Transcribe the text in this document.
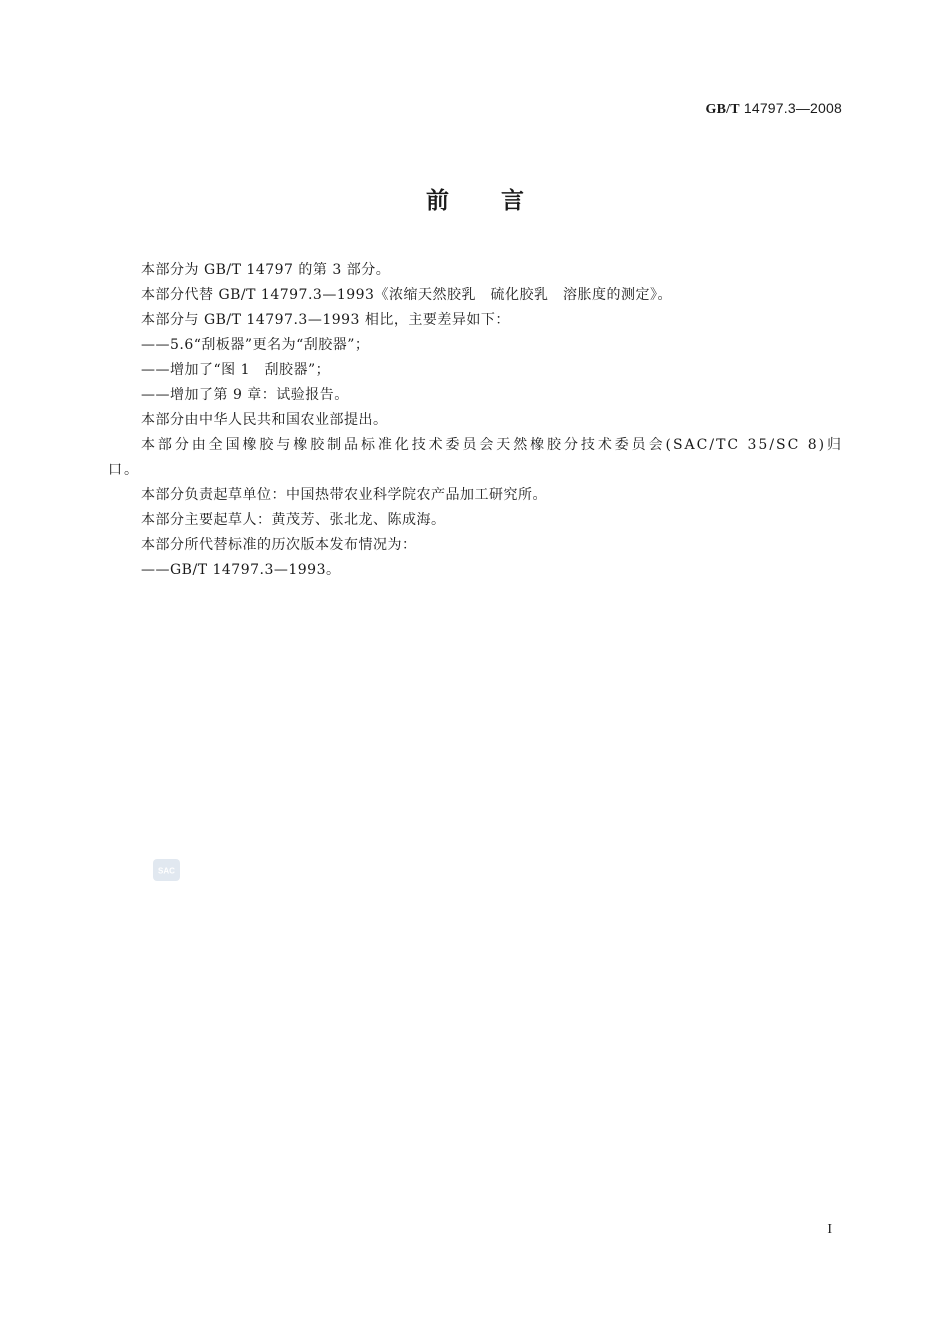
GB/T 14797.3—2008
前言

本部分为 GB/T 14797 的第 3 部分。

本部分代替 GB/T 14797.3—1993《浓缩天然胶乳　硫化胶乳　溶胀度的测定》。

本部分与 GB/T 14797.3—1993 相比，主要差异如下：

——5.6“刮板器”更名为“刮胶器”；

——增加了“图 1　刮胶器”；

——增加了第 9 章：试验报告。

本部分由中华人民共和国农业部提出。

本部分由全国橡胶与橡胶制品标准化技术委员会天然橡胶分技术委员会(SAC/TC 35/SC 8)归口。

本部分负责起草单位：中国热带农业科学院农产品加工研究所。

本部分主要起草人：黄茂芳、张北龙、陈成海。

本部分所代替标准的历次版本发布情况为：

——GB/T 14797.3—1993。

SAC
I
